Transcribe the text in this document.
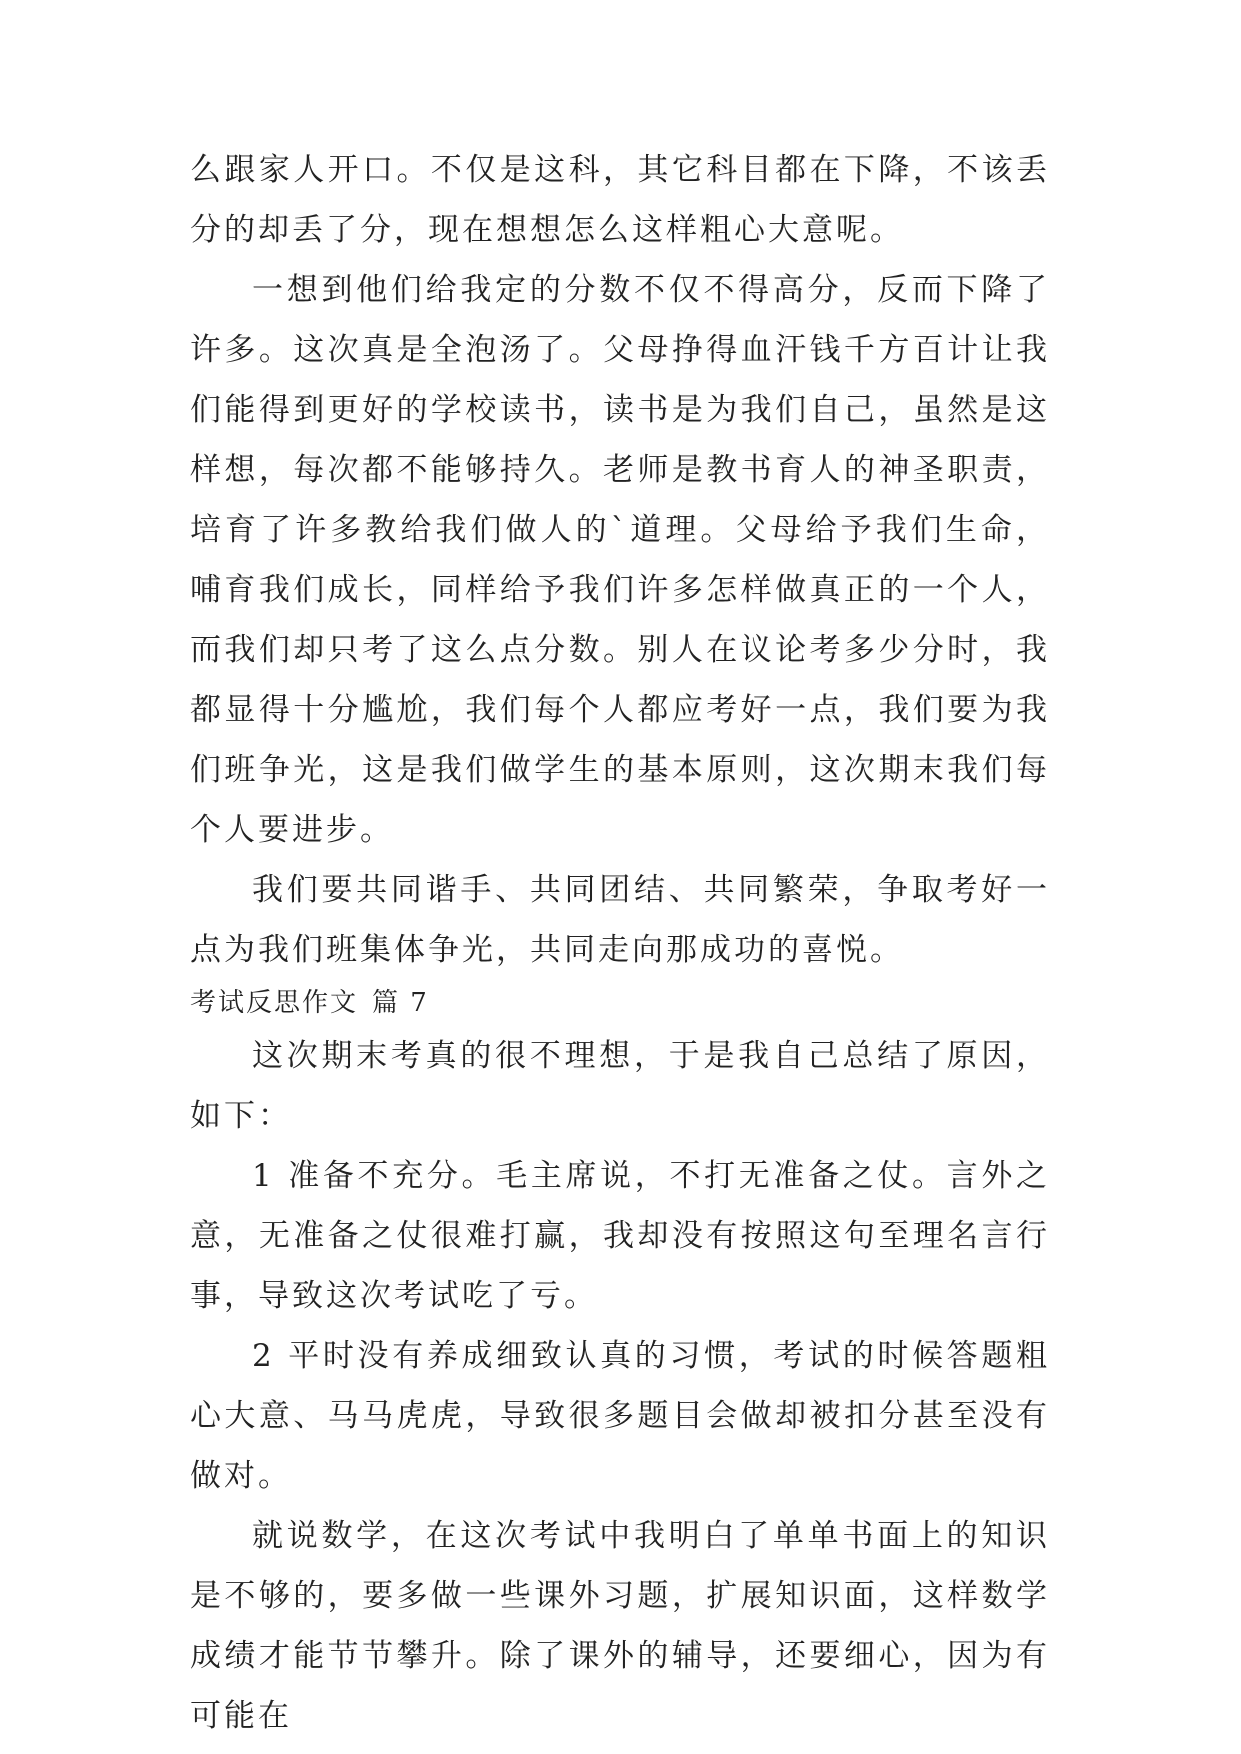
么跟家人开口。不仅是这科，其它科目都在下降，不该丢分的却丢了分，现在想想怎么这样粗心大意呢。

一想到他们给我定的分数不仅不得高分，反而下降了许多。这次真是全泡汤了。父母挣得血汗钱千方百计让我们能得到更好的学校读书，读书是为我们自己，虽然是这样想，每次都不能够持久。老师是教书育人的神圣职责，培育了许多教给我们做人的`道理。父母给予我们生命，哺育我们成长，同样给予我们许多怎样做真正的一个人，而我们却只考了这么点分数。别人在议论考多少分时，我都显得十分尴尬，我们每个人都应考好一点，我们要为我们班争光，这是我们做学生的基本原则，这次期末我们每个人要进步。

我们要共同谐手、共同团结、共同繁荣，争取考好一点为我们班集体争光，共同走向那成功的喜悦。

考试反思作文 篇 7

这次期末考真的很不理想，于是我自己总结了原因，如下：

1 准备不充分。毛主席说，不打无准备之仗。言外之意，无准备之仗很难打赢，我却没有按照这句至理名言行事，导致这次考试吃了亏。

2 平时没有养成细致认真的习惯，考试的时候答题粗心大意、马马虎虎，导致很多题目会做却被扣分甚至没有做对。

就说数学，在这次考试中我明白了单单书面上的知识是不够的，要多做一些课外习题，扩展知识面，这样数学成绩才能节节攀升。除了课外的辅导，还要细心，因为有可能在
